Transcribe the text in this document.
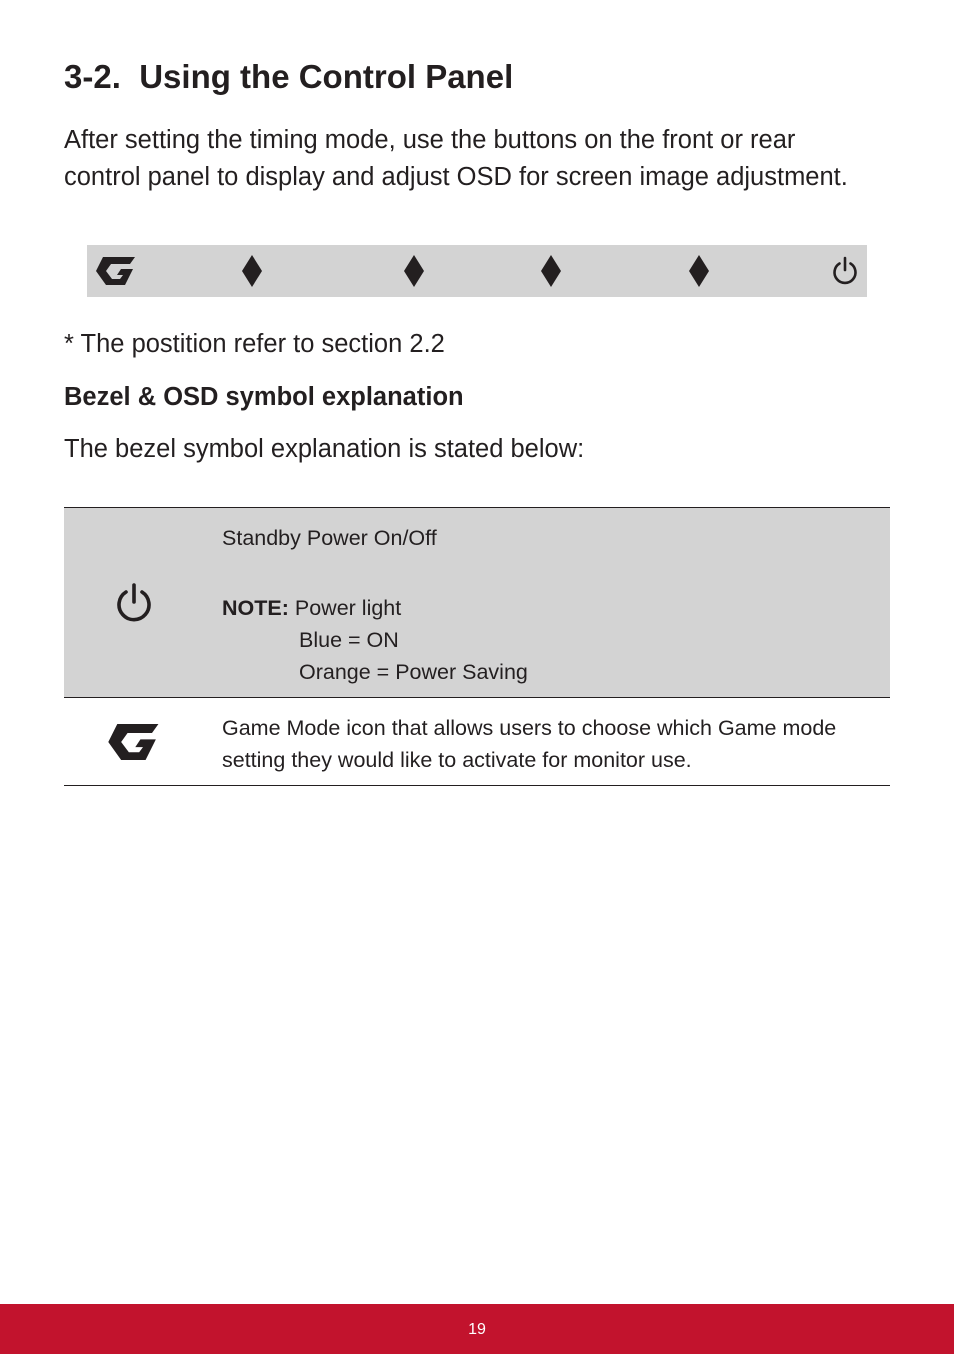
3-2. Using the Control Panel

After setting the timing mode, use the buttons on the front or rear control panel to display and adjust OSD for screen image adjustment.

* The postition refer to section 2.2

Bezel & OSD symbol explanation

The bezel symbol explanation is stated below:

Standby Power On/Off
NOTE: Power light
Blue = ON
Orange = Power Saving
Game Mode icon that allows users to choose which Game mode setting they would like to activate for monitor use.
19
